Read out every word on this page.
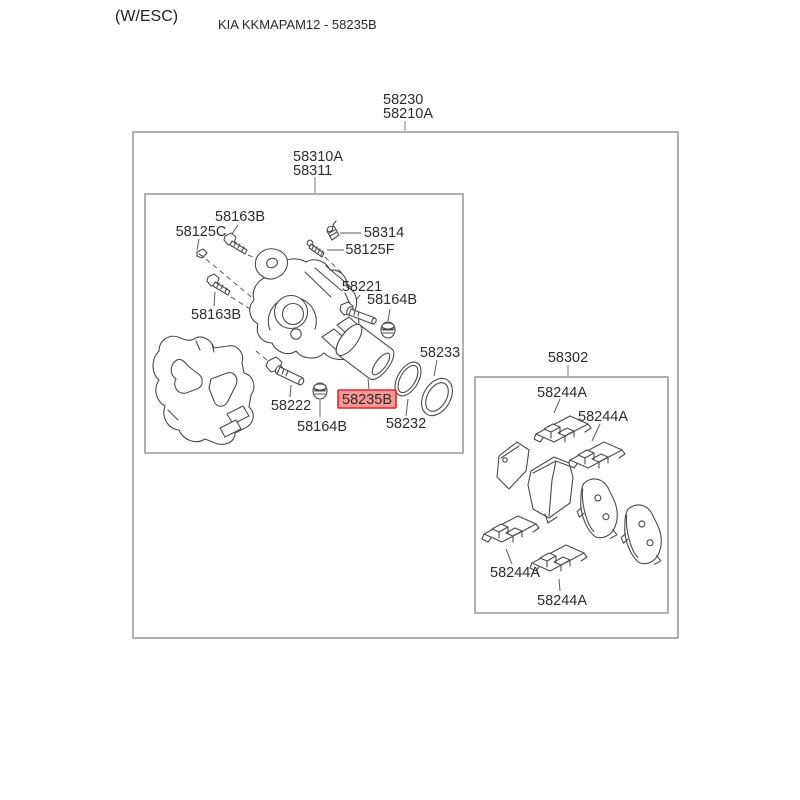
(W/ESC)	KIA KKMAPAM12 - 58235B
58230
58210A
58310A
58311
58302
58163B
58125C	58314
58125F
58221
58164B
58163B
58222
58164B	58232
58233
58244A
58244A
58244A
58244A
58235B
